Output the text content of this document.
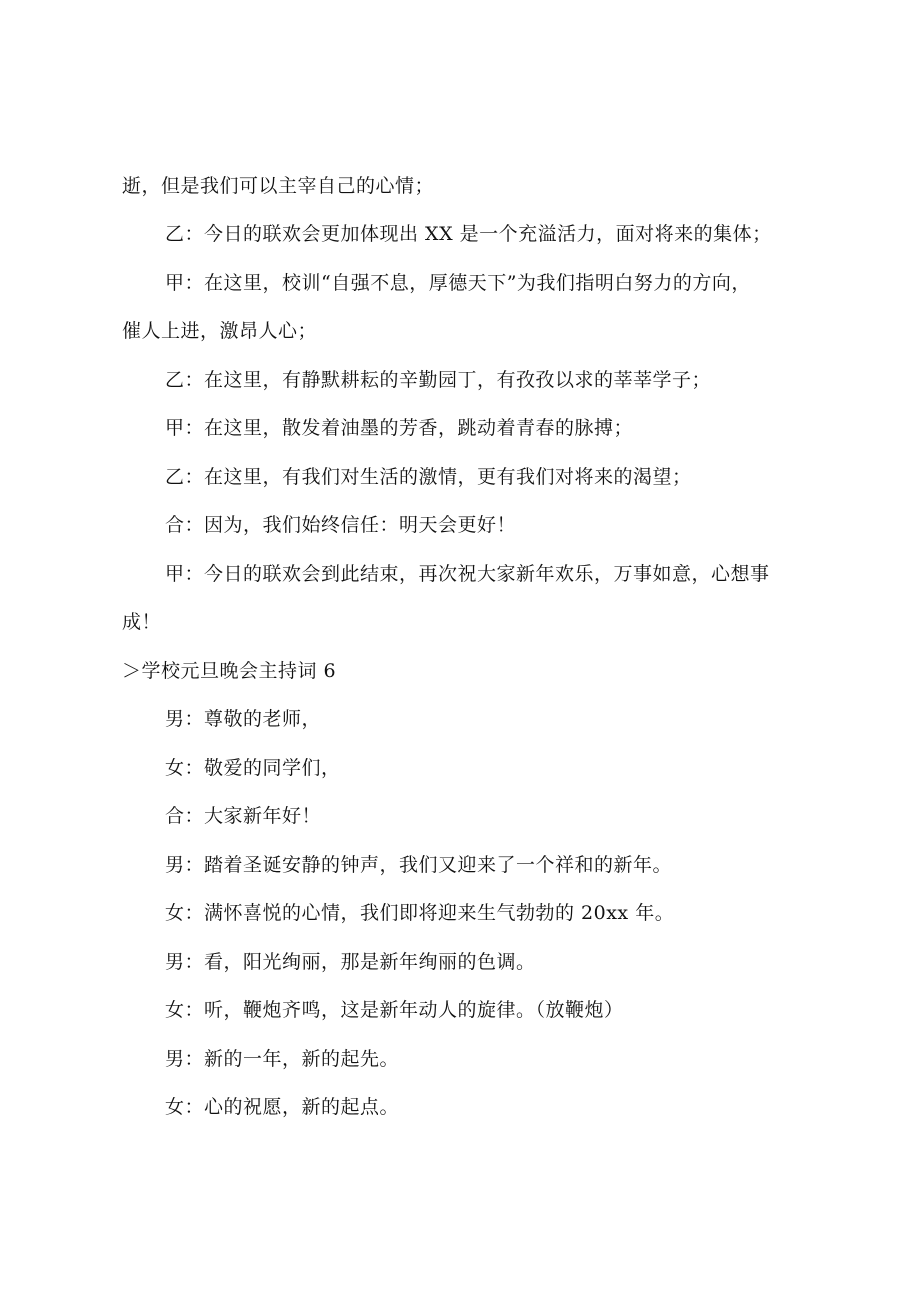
逝，但是我们可以主宰自己的心情；
乙：今日的联欢会更加体现出 XX 是一个充溢活力，面对将来的集体；
甲：在这里，校训“自强不息，厚德天下”为我们指明白努力的方向，
催人上进，激昂人心；
乙：在这里，有静默耕耘的辛勤园丁，有孜孜以求的莘莘学子；
甲：在这里，散发着油墨的芳香，跳动着青春的脉搏；
乙：在这里，有我们对生活的激情，更有我们对将来的渴望；
合：因为，我们始终信任：明天会更好！
甲：今日的联欢会到此结束，再次祝大家新年欢乐，万事如意，心想事
成！
＞学校元旦晚会主持词 6
男：尊敬的老师，
女：敬爱的同学们，
合：大家新年好！
男：踏着圣诞安静的钟声，我们又迎来了一个祥和的新年。
女：满怀喜悦的心情，我们即将迎来生气勃勃的 20xx 年。
男：看，阳光绚丽，那是新年绚丽的色调。
女：听，鞭炮齐鸣，这是新年动人的旋律。（放鞭炮）
男：新的一年，新的起先。
女：心的祝愿，新的起点。
